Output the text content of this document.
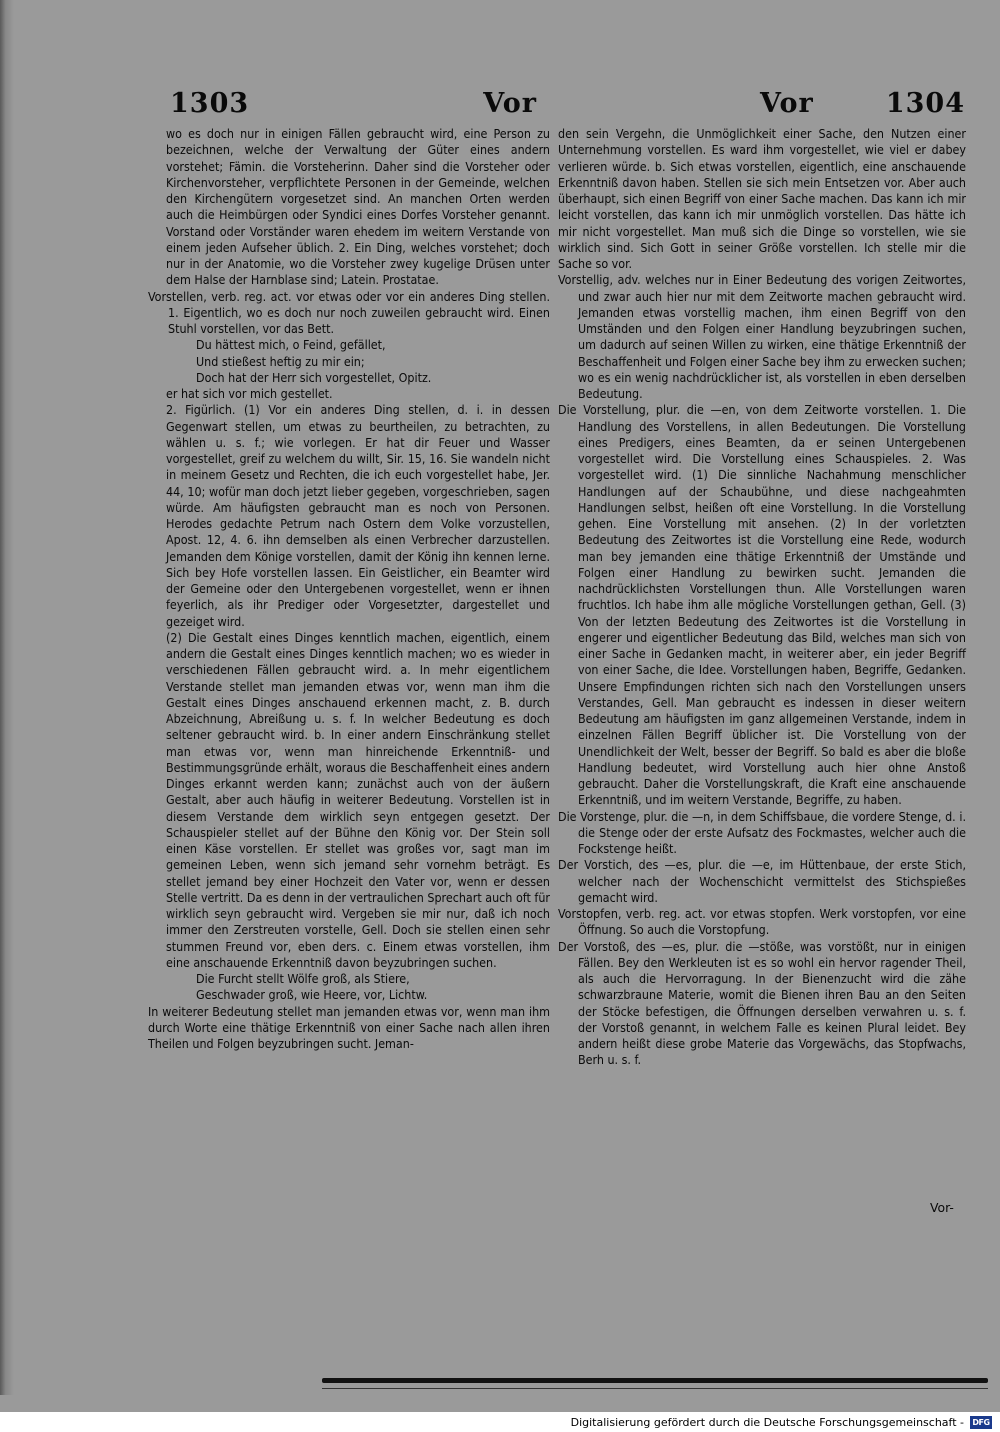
1303	Vor	Vor	1304

wo es doch nur in einigen Fällen gebraucht wird, eine Person zu bezeichnen, welche der Verwaltung der Güter eines andern vorstehet; Fämin. die Vorsteherinn. Daher sind die Vorsteher oder Kirchenvorsteher, verpflichtete Personen in der Gemeinde, welchen den Kirchengütern vorgesetzet sind. An manchen Orten werden auch die Heimbürgen oder Syndici eines Dorfes Vorsteher genannt. Vorstand oder Vorständer waren ehedem im weitern Verstande von einem jeden Aufseher üblich. 2. Ein Ding, welches vorstehet; doch nur in der Anatomie, wo die Vorsteher zwey kugelige Drüsen unter dem Halse der Harnblase sind; Latein. Prostatae.

Vorstellen, verb. reg. act. vor etwas oder vor ein anderes Ding stellen. 1. Eigentlich, wo es doch nur noch zuweilen gebraucht wird. Einen Stuhl vorstellen, vor das Bett.

Du hättest mich, o Feind, gefället,

Und stießest heftig zu mir ein;

Doch hat der Herr sich vorgestellet, Opitz.

er hat sich vor mich gestellet.

2. Figürlich. (1) Vor ein anderes Ding stellen, d. i. in dessen Gegenwart stellen, um etwas zu beurtheilen, zu betrachten, zu wählen u. s. f.; wie vorlegen. Er hat dir Feuer und Wasser vorgestellet, greif zu welchem du willt, Sir. 15, 16. Sie wandeln nicht in meinem Gesetz und Rechten, die ich euch vorgestellet habe, Jer. 44, 10; wofür man doch jetzt lieber gegeben, vorgeschrieben, sagen würde. Am häufigsten gebraucht man es noch von Personen. Herodes gedachte Petrum nach Ostern dem Volke vorzustellen, Apost. 12, 4. 6. ihn demselben als einen Verbrecher darzustellen. Jemanden dem Könige vorstellen, damit der König ihn kennen lerne. Sich bey Hofe vorstellen lassen. Ein Geistlicher, ein Beamter wird der Gemeine oder den Untergebenen vorgestellet, wenn er ihnen feyerlich, als ihr Prediger oder Vorgesetzter, dargestellet und gezeiget wird.

(2) Die Gestalt eines Dinges kenntlich machen, eigentlich, einem andern die Gestalt eines Dinges kenntlich machen; wo es wieder in verschiedenen Fällen gebraucht wird. a. In mehr eigentlichem Verstande stellet man jemanden etwas vor, wenn man ihm die Gestalt eines Dinges anschauend erkennen macht, z. B. durch Abzeichnung, Abreißung u. s. f. In welcher Bedeutung es doch seltener gebraucht wird. b. In einer andern Einschränkung stellet man etwas vor, wenn man hinreichende Erkenntniß- und Bestimmungsgründe erhält, woraus die Beschaffenheit eines andern Dinges erkannt werden kann; zunächst auch von der äußern Gestalt, aber auch häufig in weiterer Bedeutung. Vorstellen ist in diesem Verstande dem wirklich seyn entgegen gesetzt. Der Schauspieler stellet auf der Bühne den König vor. Der Stein soll einen Käse vorstellen. Er stellet was großes vor, sagt man im gemeinen Leben, wenn sich jemand sehr vornehm beträgt. Es stellet jemand bey einer Hochzeit den Vater vor, wenn er dessen Stelle vertritt. Da es denn in der vertraulichen Sprechart auch oft für wirklich seyn gebraucht wird. Vergeben sie mir nur, daß ich noch immer den Zerstreuten vorstelle, Gell. Doch sie stellen einen sehr stummen Freund vor, eben ders. c. Einem etwas vorstellen, ihm eine anschauende Erkenntniß davon beyzubringen suchen.

Die Furcht stellt Wölfe groß, als Stiere,

Geschwader groß, wie Heere, vor, Lichtw.

In weiterer Bedeutung stellet man jemanden etwas vor, wenn man ihm durch Worte eine thätige Erkenntniß von einer Sache nach allen ihren Theilen und Folgen beyzubringen sucht. Jeman-

den sein Vergehn, die Unmöglichkeit einer Sache, den Nutzen einer Unternehmung vorstellen. Es ward ihm vorgestellet, wie viel er dabey verlieren würde. b. Sich etwas vorstellen, eigentlich, eine anschauende Erkenntniß davon haben. Stellen sie sich mein Entsetzen vor. Aber auch überhaupt, sich einen Begriff von einer Sache machen. Das kann ich mir leicht vorstellen, das kann ich mir unmöglich vorstellen. Das hätte ich mir nicht vorgestellet. Man muß sich die Dinge so vorstellen, wie sie wirklich sind. Sich Gott in seiner Größe vorstellen. Ich stelle mir die Sache so vor.

Vorstellig, adv. welches nur in Einer Bedeutung des vorigen Zeitwortes, und zwar auch hier nur mit dem Zeitworte machen gebraucht wird. Jemanden etwas vorstellig machen, ihm einen Begriff von den Umständen und den Folgen einer Handlung beyzubringen suchen, um dadurch auf seinen Willen zu wirken, eine thätige Erkenntniß der Beschaffenheit und Folgen einer Sache bey ihm zu erwecken suchen; wo es ein wenig nachdrücklicher ist, als vorstellen in eben derselben Bedeutung.

Die Vorstellung, plur. die —en, von dem Zeitworte vorstellen. 1. Die Handlung des Vorstellens, in allen Bedeutungen. Die Vorstellung eines Predigers, eines Beamten, da er seinen Untergebenen vorgestellet wird. Die Vorstellung eines Schauspieles. 2. Was vorgestellet wird. (1) Die sinnliche Nachahmung menschlicher Handlungen auf der Schaubühne, und diese nachgeahmten Handlungen selbst, heißen oft eine Vorstellung. In die Vorstellung gehen. Eine Vorstellung mit ansehen. (2) In der vorletzten Bedeutung des Zeitwortes ist die Vorstellung eine Rede, wodurch man bey jemanden eine thätige Erkenntniß der Umstände und Folgen einer Handlung zu bewirken sucht. Jemanden die nachdrücklichsten Vorstellungen thun. Alle Vorstellungen waren fruchtlos. Ich habe ihm alle mögliche Vorstellungen gethan, Gell. (3) Von der letzten Bedeutung des Zeitwortes ist die Vorstellung in engerer und eigentlicher Bedeutung das Bild, welches man sich von einer Sache in Gedanken macht, in weiterer aber, ein jeder Begriff von einer Sache, die Idee. Vorstellungen haben, Begriffe, Gedanken. Unsere Empfindungen richten sich nach den Vorstellungen unsers Verstandes, Gell. Man gebraucht es indessen in dieser weitern Bedeutung am häufigsten im ganz allgemeinen Verstande, indem in einzelnen Fällen Begriff üblicher ist. Die Vorstellung von der Unendlichkeit der Welt, besser der Begriff. So bald es aber die bloße Handlung bedeutet, wird Vorstellung auch hier ohne Anstoß gebraucht. Daher die Vorstellungskraft, die Kraft eine anschauende Erkenntniß, und im weitern Verstande, Begriffe, zu haben.

Die Vorstenge, plur. die —n, in dem Schiffsbaue, die vordere Stenge, d. i. die Stenge oder der erste Aufsatz des Fockmastes, welcher auch die Fockstenge heißt.

Der Vorstich, des —es, plur. die —e, im Hüttenbaue, der erste Stich, welcher nach der Wochenschicht vermittelst des Stichspießes gemacht wird.

Vorstopfen, verb. reg. act. vor etwas stopfen. Werk vorstopfen, vor eine Öffnung. So auch die Vorstopfung.

Der Vorstoß, des —es, plur. die —stöße, was vorstößt, nur in einigen Fällen. Bey den Werkleuten ist es so wohl ein hervor ragender Theil, als auch die Hervorragung. In der Bienenzucht wird die zähe schwarzbraune Materie, womit die Bienen ihren Bau an den Seiten der Stöcke befestigen, die Öffnungen derselben verwahren u. s. f. der Vorstoß genannt, in welchem Falle es keinen Plural leidet. Bey andern heißt diese grobe Materie das Vorgewächs, das Stopfwachs, Berh u. s. f.

Vor-
Digitalisierung gefördert durch die Deutsche Forschungsgemeinschaft -	DFG
